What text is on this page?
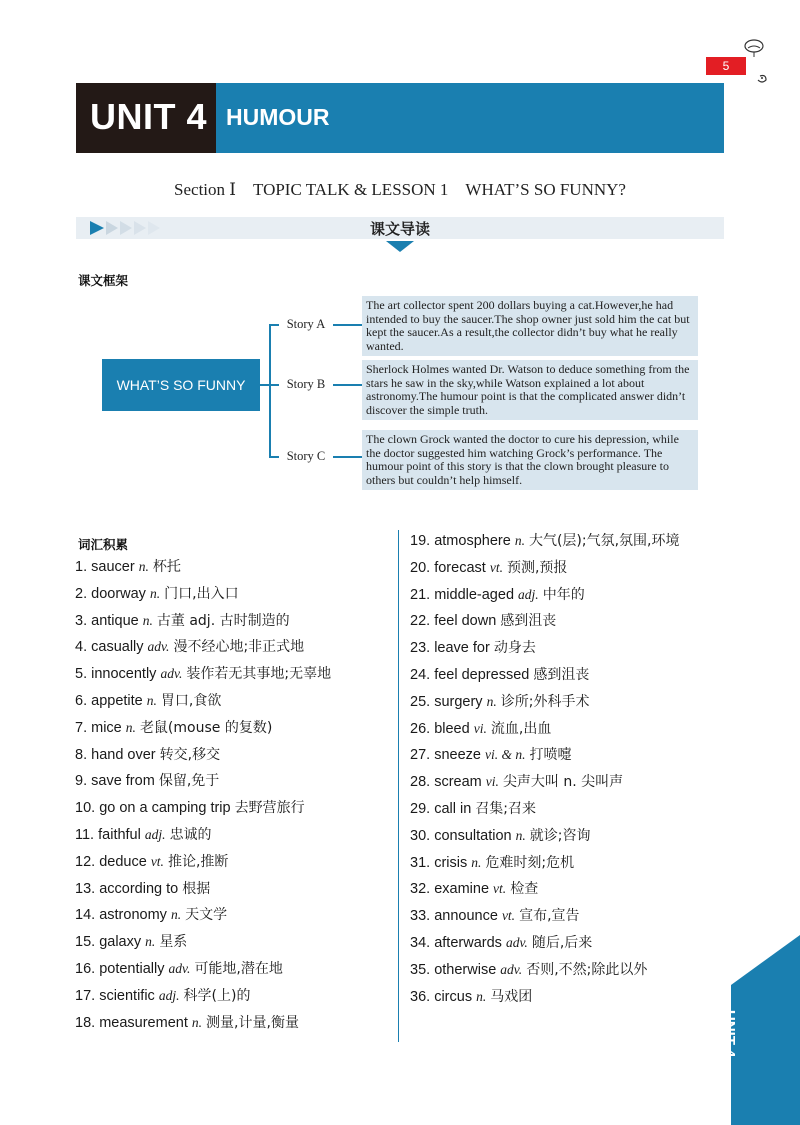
5
UNIT 4 HUMOUR
Section Ⅰ　TOPIC TALK & LESSON 1　WHAT’S SO FUNNY?
课文导读
课文框架
WHAT’S SO FUNNY
Story A
Story B
Story C
The art collector spent 200 dollars buying a cat.However,he had intended to buy the saucer.The shop owner just sold him the cat but kept the saucer.As a result,the collector didn’t buy what he really wanted.
Sherlock Holmes wanted Dr. Watson to deduce something from the stars he saw in the sky,while Watson explained a lot about astronomy.The humour point is that the complicated answer didn’t discover the simple truth.
The clown Grock wanted the doctor to cure his depression, while the doctor suggested him watching Grock’s performance. The humour point of this story is that the clown brought pleasure to others but couldn’t help himself.
词汇积累
1. saucer n. 杯托
2. doorway n. 门口,出入口
3. antique n. 古董 adj. 古时制造的
4. casually adv. 漫不经心地;非正式地
5. innocently adv. 装作若无其事地;无辜地
6. appetite n. 胃口,食欲
7. mice n. 老鼠(mouse 的复数)
8. hand over 转交,移交
9. save from 保留,免于
10. go on a camping trip 去野营旅行
11. faithful adj. 忠诚的
12. deduce vt. 推论,推断
13. according to 根据
14. astronomy n. 天文学
15. galaxy n. 星系
16. potentially adv. 可能地,潜在地
17. scientific adj. 科学(上)的
18. measurement n. 测量,计量,衡量
19. atmosphere n. 大气(层);气氛,氛围,环境
20. forecast vt. 预测,预报
21. middle-aged adj. 中年的
22. feel down 感到沮丧
23. leave for 动身去
24. feel depressed 感到沮丧
25. surgery n. 诊所;外科手术
26. bleed vi. 流血,出血
27. sneeze vi. & n. 打喷嚏
28. scream vi. 尖声大叫 n. 尖叫声
29. call in 召集;召来
30. consultation n. 就诊;咨询
31. crisis n. 危难时刻;危机
32. examine vt. 检查
33. announce vt. 宣布,宣告
34. afterwards adv. 随后,后来
35. otherwise adv. 否则,不然;除此以外
36. circus n. 马戏团
UNIT 4
